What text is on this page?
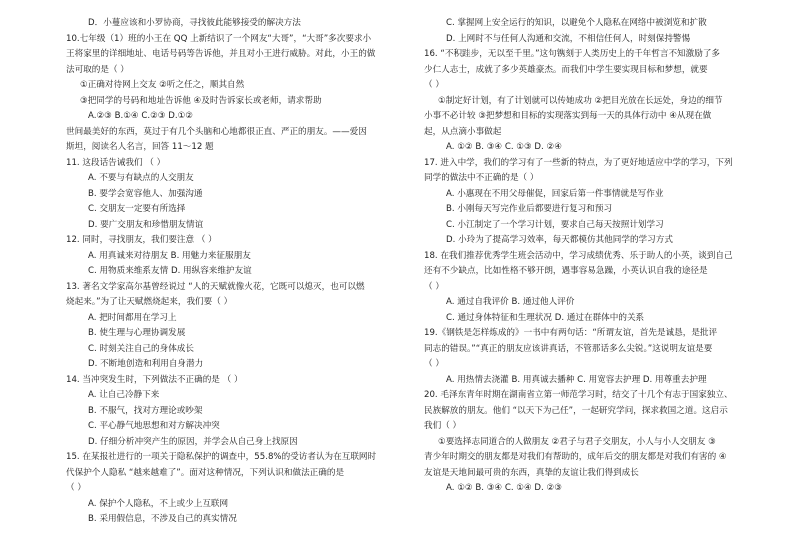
D．小蔓应该和小罗协商，寻找彼此能够接受的解决方法
10.七年级（1）班的小王在 QQ 上新结识了一个网友“大哥”，“大哥”多次要求小
王将家里的详细地址、电话号码等告诉他，并且对小王进行威胁。对此，小王的做
法可取的是（ ）
①正确对待网上交友 ②听之任之，顺其自然
③把同学的号码和地址告诉他 ④及时告诉家长或老师，请求帮助
A.②③ B.①④ C.②③ D.①②
世间最美好的东西，莫过于有几个头脑和心地都很正直、严正的朋友。——爱因
斯坦，阅读名人名言，回答 11～12 题
11. 这段话告诫我们 （ ）
A. 不要与有缺点的人交朋友
B. 要学会宽容他人、加强沟通
C. 交朋友一定要有所选择
D. 要广交朋友和珍惜朋友情谊
12. 同时，寻找朋友，我们要注意 （ ）
A. 用真诚来对待朋友 B. 用魅力来征服朋友
C. 用物质来维系友情 D. 用纵容来维护友谊
13. 著名文学家高尔基曾经说过 “人的天赋就像火花，它既可以熄灭，也可以燃
烧起来。”为了让天赋燃烧起来，我们要（ ）
A. 把时间都用在学习上
B. 使生理与心理协调发展
C. 时刻关注自己的身体成长
D. 不断地创造和利用自身潜力
14. 当冲突发生时，下列做法不正确的是 （ ）
A. 让自己冷静下来
B. 不服气，找对方理论或吵架
C. 平心静气地思想和对方解决冲突
D. 仔细分析冲突产生的原因，并学会从自己身上找原因
15. 在某报社进行的一项关于隐私保护的调查中，55.8%的受访者认为在互联网时
代保护个人隐私 “越来越难了”。面对这种情况，下列认识和做法正确的是
（ ）
A. 保护个人隐私，不上或少上互联网
B. 采用假信息，不涉及自己的真实情况
C. 掌握网上安全运行的知识，以避免个人隐私在网络中被浏览和扩散
D. 上网时不与任何人沟通和交流，不相信任何人，时刻保持警惕
16. “不积跬步，无以至千里。”这句镌刻于人类历史上的千年哲言不知激励了多
少仁人志士，成就了多少英雄豪杰。而我们中学生要实现目标和梦想，就要
（ ）
①制定好计划，有了计划就可以传她成功 ②把目光放在长远处，身边的细节
小事不必计较 ③把梦想和目标的实现落实到每一天的具体行动中 ④从现在做
起，从点滴小事做起
A. ①② B. ③④ C. ①③ D. ②④
17. 进入中学，我们的学习有了一些新的特点，为了更好地适应中学的学习，下列
同学的做法中不正确的是（ ）
A. 小惠现在不用父母催促，回家后第一件事情就是写作业
B. 小刚每天写完作业后都要进行复习和预习
C. 小江制定了一个学习计划，要求自己每天按照计划学习
D. 小玲为了提高学习效率，每天都模仿其他同学的学习方式
18. 在我们推荐优秀学生班会活动中，学习成绩优秀、乐于助人的小英，谈到自己
还有不少缺点，比如性格不够开朗，遇事容易急躁，小英认识自我的途径是
（ ）
A. 通过自我评价 B. 通过他人评价
C. 通过身体特征和生理状况 D. 通过在群体中的关系
19.《钢铁是怎样炼成的》一书中有两句话：“所谓友谊，首先是诚恳，是批评
同志的错误。”“真正的朋友应该讲真话，不管那话多么尖锐。”这说明友谊是要
（ ）
A. 用热情去浇灌 B. 用真诚去播种 C. 用宽容去护理 D. 用尊重去护理
20. 毛泽东青年时期在湖南省立第一师范学习时，结交了十几个有志于国家独立、
民族解放的朋友。他们 “以天下为己任”，一起研究学问，探求救国之道。这启示
我们（ ）
①要选择志同道合的人做朋友 ②君子与君子交朋友，小人与小人交朋友 ③
青少年时期交的朋友都是对我们有帮助的，成年后交的朋友都是对我们有害的 ④
友谊是天地间最可贵的东西，真挚的友谊让我们得到成长
A. ①② B. ③④ C. ①④ D. ②③
